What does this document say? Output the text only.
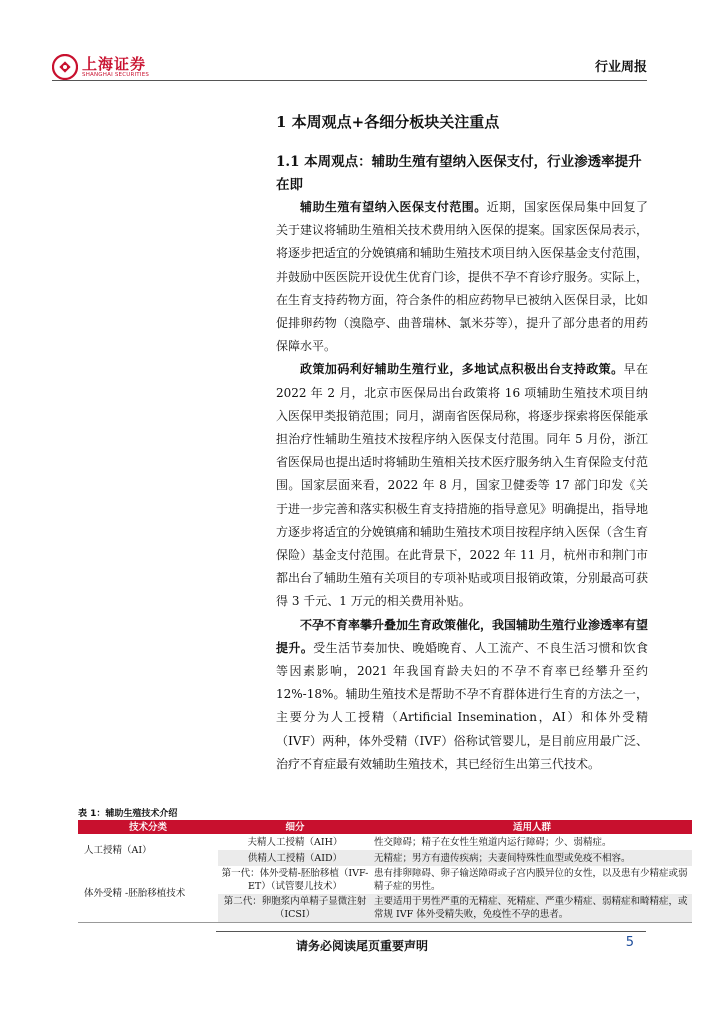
上海证券
SHANGHAI SECURITIES	行业周报
1 本周观点+各细分板块关注重点
1.1 本周观点：辅助生殖有望纳入医保支付，行业渗透率提升在即

辅助生殖有望纳入医保支付范围。近期，国家医保局集中回复了关于建议将辅助生殖相关技术费用纳入医保的提案。国家医保局表示，将逐步把适宜的分娩镇痛和辅助生殖技术项目纳入医保基金支付范围，并鼓励中医医院开设优生优育门诊，提供不孕不育诊疗服务。实际上，在生育支持药物方面，符合条件的相应药物早已被纳入医保目录，比如促排卵药物（溴隐亭、曲普瑞林、氯米芬等），提升了部分患者的用药保障水平。

政策加码利好辅助生殖行业，多地试点积极出台支持政策。早在 2022 年 2 月，北京市医保局出台政策将 16 项辅助生殖技术项目纳入医保甲类报销范围；同月，湖南省医保局称，将逐步探索将医保能承担治疗性辅助生殖技术按程序纳入医保支付范围。同年 5 月份，浙江省医保局也提出适时将辅助生殖相关技术医疗服务纳入生育保险支付范围。国家层面来看，2022 年 8 月，国家卫健委等 17 部门印发《关于进一步完善和落实积极生育支持措施的指导意见》明确提出，指导地方逐步将适宜的分娩镇痛和辅助生殖技术项目按程序纳入医保（含生育保险）基金支付范围。在此背景下，2022 年 11 月，杭州市和荆门市都出台了辅助生殖有关项目的专项补贴或项目报销政策，分别最高可获得 3 千元、1 万元的相关费用补贴。

不孕不育率攀升叠加生育政策催化，我国辅助生殖行业渗透率有望提升。受生活节奏加快、晚婚晚育、人工流产、不良生活习惯和饮食等因素影响，2021 年我国育龄夫妇的不孕不育率已经攀升至约 12%-18%。辅助生殖技术是帮助不孕不育群体进行生育的方法之一，主要分为人工授精（Artificial Insemination，AI）和体外受精（IVF）两种，体外受精（IVF）俗称试管婴儿，是目前应用最广泛、治疗不育症最有效辅助生殖技术，其已经衍生出第三代技术。

表 1：辅助生殖技术介绍
技术分类	细分	适用人群
人工授精（AI）	夫精人工授精（AIH）	性交障碍；精子在女性生殖道内运行障碍；少、弱精症。
	供精人工授精（AID）	无精症；男方有遗传疾病；夫妻间特殊性血型或免疫不相容。
体外受精 -胚胎移植技术	第一代：体外受精-胚胎移植（IVF-ET）（试管婴儿技术）	患有排卵障碍、卵子输送障碍或子宫内膜异位的女性，以及患有少精症或弱精子症的男性。
	第二代：卵胞浆内单精子显微注射（ICSI）	主要适用于男性严重的无精症、死精症、严重少精症、弱精症和畸精症，或常规 IVF 体外受精失败，免疫性不孕的患者。
请务必阅读尾页重要声明	5
